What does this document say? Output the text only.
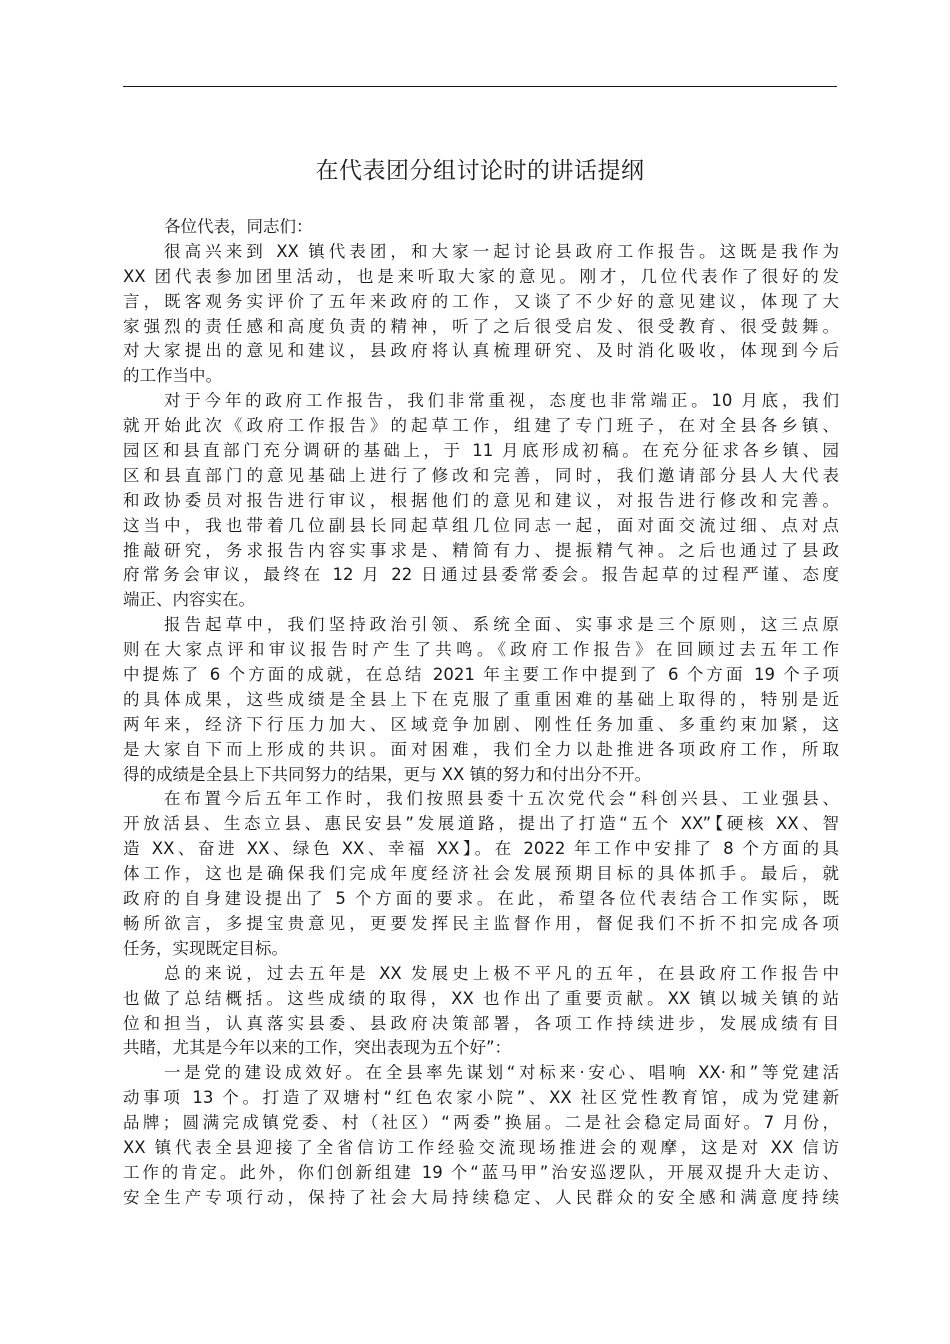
在代表团分组讨论时的讲话提纲
各位代表，同志们：
很高兴来到 XX 镇代表团，和大家一起讨论县政府工作报告。这既是我作为
XX 团代表参加团里活动，也是来听取大家的意见。刚才，几位代表作了很好的发
言，既客观务实评价了五年来政府的工作，又谈了不少好的意见建议，体现了大
家强烈的责任感和高度负责的精神，听了之后很受启发、很受教育、很受鼓舞。
对大家提出的意见和建议，县政府将认真梳理研究、及时消化吸收，体现到今后
的工作当中。
对于今年的政府工作报告，我们非常重视，态度也非常端正。10 月底，我们
就开始此次《政府工作报告》的起草工作，组建了专门班子，在对全县各乡镇、
园区和县直部门充分调研的基础上，于 11 月底形成初稿。在充分征求各乡镇、园
区和县直部门的意见基础上进行了修改和完善，同时，我们邀请部分县人大代表
和政协委员对报告进行审议，根据他们的意见和建议，对报告进行修改和完善。
这当中，我也带着几位副县长同起草组几位同志一起，面对面交流过细、点对点
推敲研究，务求报告内容实事求是、精简有力、提振精气神。之后也通过了县政
府常务会审议，最终在 12 月 22 日通过县委常委会。报告起草的过程严谨、态度
端正、内容实在。
报告起草中，我们坚持政治引领、系统全面、实事求是三个原则，这三点原
则在大家点评和审议报告时产生了共鸣。《政府工作报告》在回顾过去五年工作
中提炼了 6 个方面的成就，在总结 2021 年主要工作中提到了 6 个方面 19 个子项
的具体成果，这些成绩是全县上下在克服了重重困难的基础上取得的，特别是近
两年来，经济下行压力加大、区域竞争加剧、刚性任务加重、多重约束加紧，这
是大家自下而上形成的共识。面对困难，我们全力以赴推进各项政府工作，所取
得的成绩是全县上下共同努力的结果，更与 XX 镇的努力和付出分不开。
在布置今后五年工作时，我们按照县委十五次党代会“科创兴县、工业强县、
开放活县、生态立县、惠民安县”发展道路，提出了打造“五个 XX”【硬核 XX、智
造 XX、奋进 XX、绿色 XX、幸福 XX】。在 2022 年工作中安排了 8 个方面的具
体工作，这也是确保我们完成年度经济社会发展预期目标的具体抓手。最后，就
政府的自身建设提出了 5 个方面的要求。在此，希望各位代表结合工作实际，既
畅所欲言，多提宝贵意见，更要发挥民主监督作用，督促我们不折不扣完成各项
任务，实现既定目标。
总的来说，过去五年是 XX 发展史上极不平凡的五年，在县政府工作报告中
也做了总结概括。这些成绩的取得，XX 也作出了重要贡献。XX 镇以城关镇的站
位和担当，认真落实县委、县政府决策部署，各项工作持续进步，发展成绩有目
共睹，尤其是今年以来的工作，突出表现为五个好”：
一是党的建设成效好。在全县率先谋划“对标来·安心、唱响 XX·和”等党建活
动事项 13 个。打造了双塘村“红色农家小院”、XX 社区党性教育馆，成为党建新
品牌；圆满完成镇党委、村（社区）“两委”换届。二是社会稳定局面好。7 月份，
XX 镇代表全县迎接了全省信访工作经验交流现场推进会的观摩，这是对 XX 信访
工作的肯定。此外，你们创新组建 19 个“蓝马甲”治安巡逻队，开展双提升大走访、
安全生产专项行动，保持了社会大局持续稳定、人民群众的安全感和满意度持续
